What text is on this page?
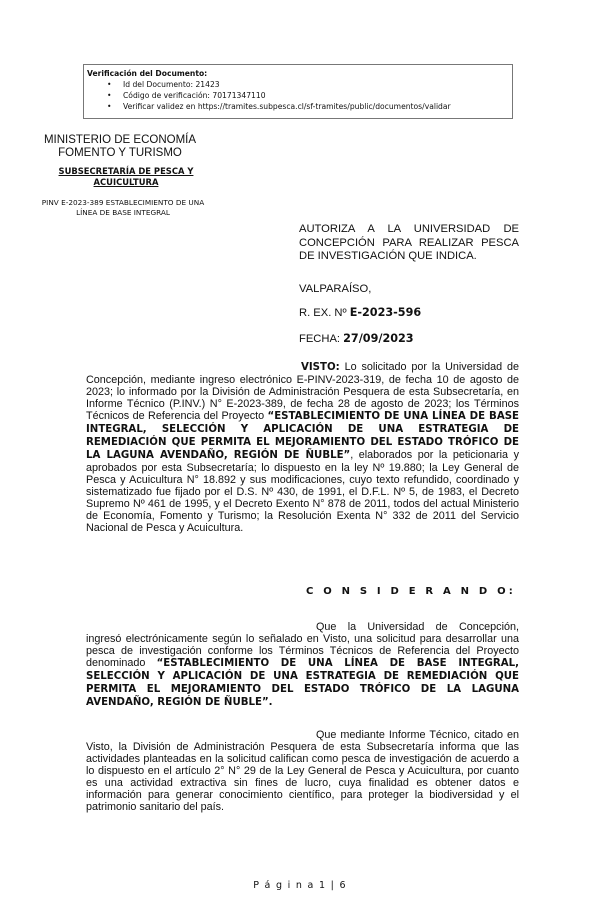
Verificación del Documento:
• Id del Documento: 21423
• Código de verificación: 70171347110
• Verificar validez en https://tramites.subpesca.cl/sf-tramites/public/documentos/validar
MINISTERIO DE ECONOMÍA
FOMENTO Y TURISMO
SUBSECRETARÍA DE PESCA Y ACUICULTURA
PINV E-2023-389 ESTABLECIMIENTO DE UNA LÍNEA DE BASE INTEGRAL
AUTORIZA A LA UNIVERSIDAD DE CONCEPCIÓN PARA REALIZAR PESCA DE INVESTIGACIÓN QUE INDICA.
VALPARAÍSO,
R. EX. Nº E-2023-596
FECHA: 27/09/2023
VISTO: Lo solicitado por la Universidad de Concepción, mediante ingreso electrónico E-PINV-2023-319, de fecha 10 de agosto de 2023; lo informado por la División de Administración Pesquera de esta Subsecretaría, en Informe Técnico (P.INV.) N° E-2023-389, de fecha 28 de agosto de 2023; los Términos Técnicos de Referencia del Proyecto “ESTABLECIMIENTO DE UNA LÍNEA DE BASE INTEGRAL, SELECCIÓN Y APLICACIÓN DE UNA ESTRATEGIA DE REMEDIACIÓN QUE PERMITA EL MEJORAMIENTO DEL ESTADO TRÓFICO DE LA LAGUNA AVENDAÑO, REGIÓN DE ÑUBLE”, elaborados por la peticionaria y aprobados por esta Subsecretaría; lo dispuesto en la ley Nº 19.880; la Ley General de Pesca y Acuicultura N° 18.892 y sus modificaciones, cuyo texto refundido, coordinado y sistematizado fue fijado por el D.S. Nº 430, de 1991, el D.F.L. Nº 5, de 1983, el Decreto Supremo Nº 461 de 1995, y el Decreto Exento N° 878 de 2011, todos del actual Ministerio de Economía, Fomento y Turismo; la Resolución Exenta N° 332 de 2011 del Servicio Nacional de Pesca y Acuicultura.
C O N S I D E R A N D O:
Que la Universidad de Concepción, ingresó electrónicamente según lo señalado en Visto, una solicitud para desarrollar una pesca de investigación conforme los Términos Técnicos de Referencia del Proyecto denominado “ESTABLECIMIENTO DE UNA LÍNEA DE BASE INTEGRAL, SELECCIÓN Y APLICACIÓN DE UNA ESTRATEGIA DE REMEDIACIÓN QUE PERMITA EL MEJORAMIENTO DEL ESTADO TRÓFICO DE LA LAGUNA AVENDAÑO, REGIÓN DE ÑUBLE”.
Que mediante Informe Técnico, citado en Visto, la División de Administración Pesquera de esta Subsecretaría informa que las actividades planteadas en la solicitud califican como pesca de investigación de acuerdo a lo dispuesto en el artículo 2° N° 29 de la Ley General de Pesca y Acuicultura, por cuanto es una actividad extractiva sin fines de lucro, cuya finalidad es obtener datos e información para generar conocimiento científico, para proteger la biodiversidad y el patrimonio sanitario del país.
P á g i n a 1 | 6
